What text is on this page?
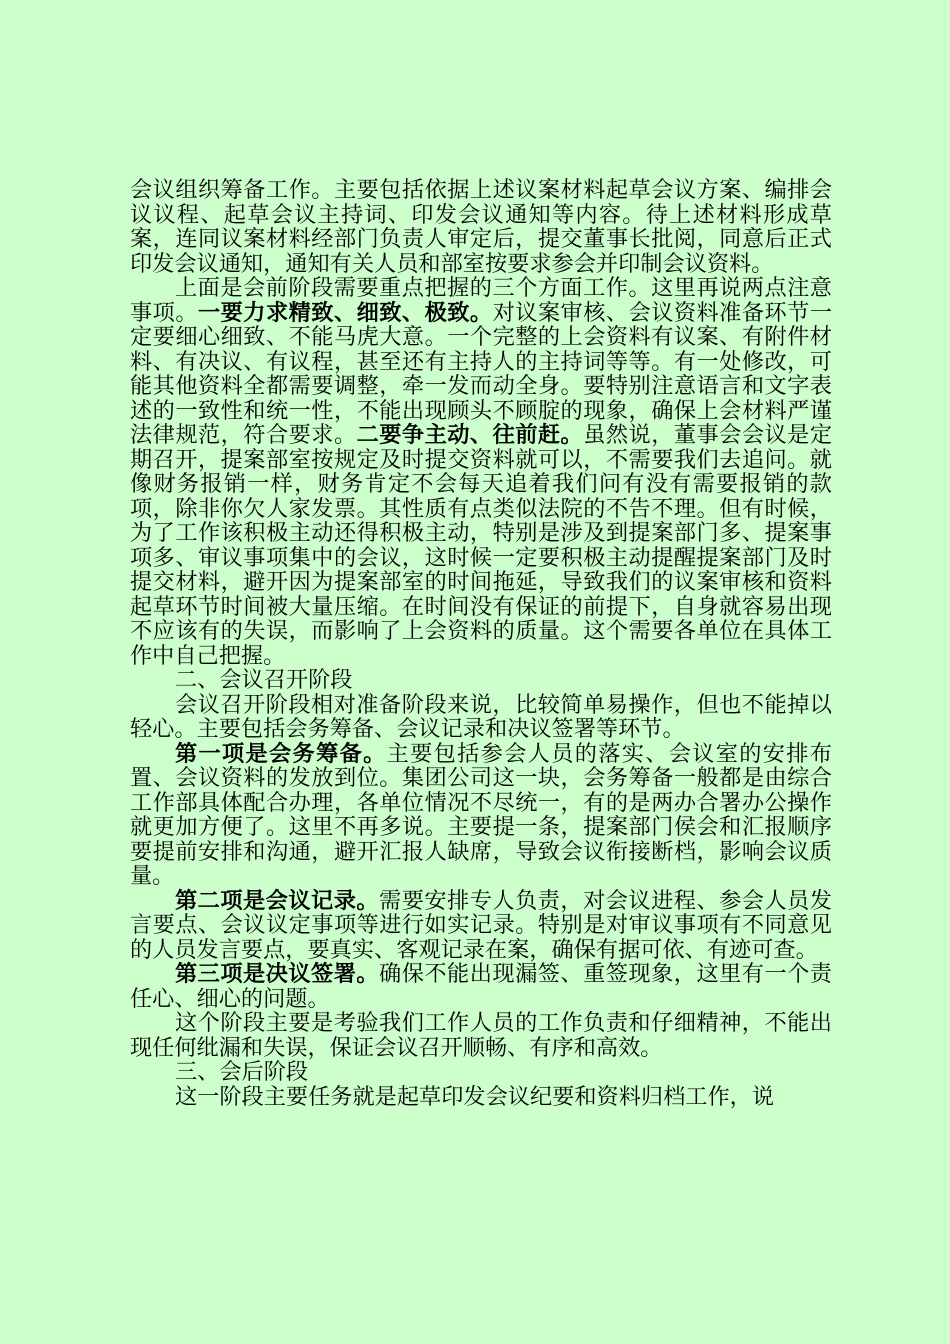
会议组织筹备工作。主要包括依据上述议案材料起草会议方案、编排会议议程、起草会议主持词、印发会议通知等内容。待上述材料形成草案，连同议案材料经部门负责人审定后，提交董事长批阅，同意后正式印发会议通知，通知有关人员和部室按要求参会并印制会议资料。

上面是会前阶段需要重点把握的三个方面工作。这里再说两点注意事项。一要力求精致、细致、极致。对议案审核、会议资料准备环节一定要细心细致、不能马虎大意。一个完整的上会资料有议案、有附件材料、有决议、有议程，甚至还有主持人的主持词等等。有一处修改，可能其他资料全都需要调整，牵一发而动全身。要特别注意语言和文字表述的一致性和统一性，不能出现顾头不顾腚的现象，确保上会材料严谨法律规范，符合要求。二要争主动、往前赶。虽然说，董事会会议是定期召开，提案部室按规定及时提交资料就可以，不需要我们去追问。就像财务报销一样，财务肯定不会每天追着我们问有没有需要报销的款项，除非你欠人家发票。其性质有点类似法院的不告不理。但有时候，为了工作该积极主动还得积极主动，特别是涉及到提案部门多、提案事项多、审议事项集中的会议，这时候一定要积极主动提醒提案部门及时提交材料，避开因为提案部室的时间拖延，导致我们的议案审核和资料起草环节时间被大量压缩。在时间没有保证的前提下，自身就容易出现不应该有的失误，而影响了上会资料的质量。这个需要各单位在具体工作中自己把握。

二、会议召开阶段

会议召开阶段相对准备阶段来说，比较简单易操作，但也不能掉以轻心。主要包括会务筹备、会议记录和决议签署等环节。

第一项是会务筹备。主要包括参会人员的落实、会议室的安排布置、会议资料的发放到位。集团公司这一块，会务筹备一般都是由综合工作部具体配合办理，各单位情况不尽统一，有的是两办合署办公操作就更加方便了。这里不再多说。主要提一条，提案部门侯会和汇报顺序要提前安排和沟通，避开汇报人缺席，导致会议衔接断档，影响会议质量。

第二项是会议记录。需要安排专人负责，对会议进程、参会人员发言要点、会议议定事项等进行如实记录。特别是对审议事项有不同意见的人员发言要点，要真实、客观记录在案，确保有据可依、有迹可查。

第三项是决议签署。确保不能出现漏签、重签现象，这里有一个责任心、细心的问题。

这个阶段主要是考验我们工作人员的工作负责和仔细精神，不能出现任何纰漏和失误，保证会议召开顺畅、有序和高效。

三、会后阶段

这一阶段主要任务就是起草印发会议纪要和资料归档工作，说
